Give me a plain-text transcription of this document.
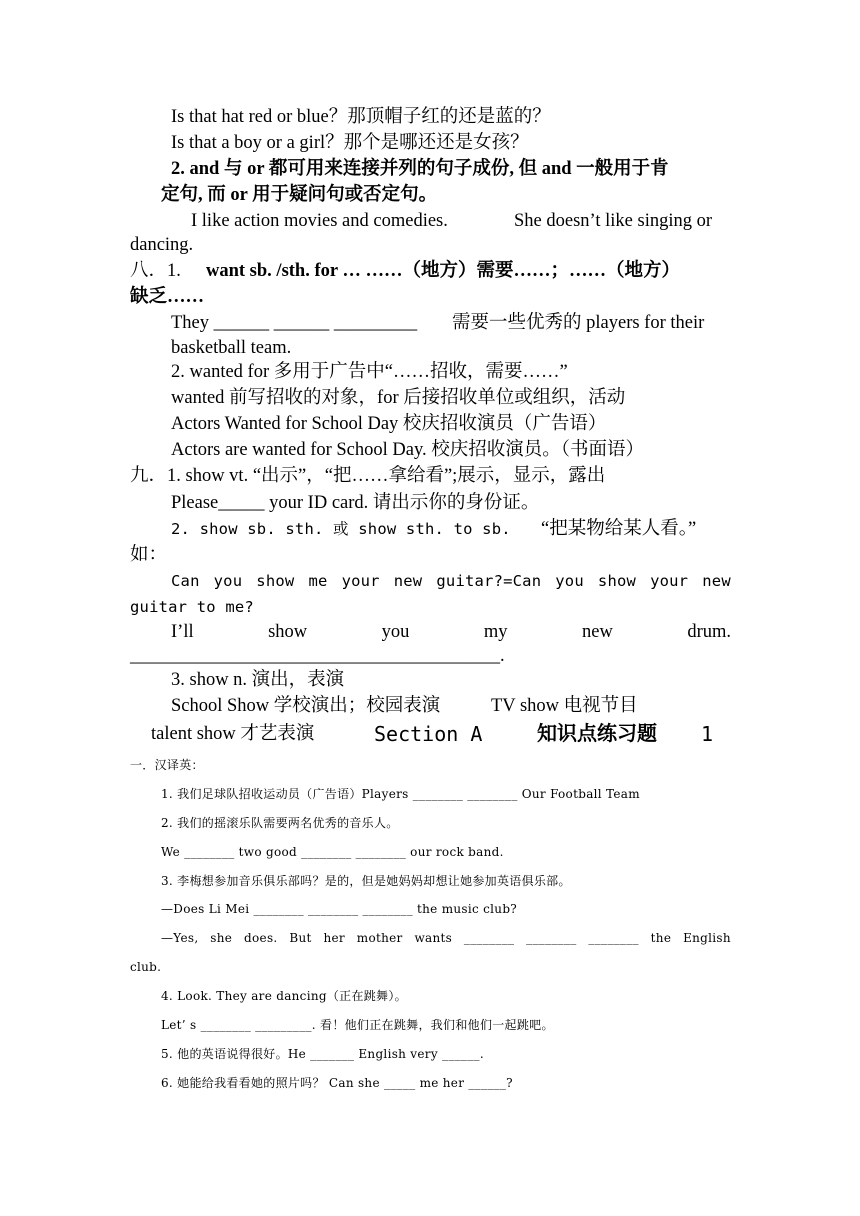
Is that hat red or blue？那顶帽子红的还是蓝的？
Is that a boy or a girl？那个是哪还还是女孩？
2. and 与 or 都可用来连接并列的句子成份, 但 and 一般用于肯
定句, 而 or 用于疑问句或否定句。
I like action movies and comedies.	She doesn’t like singing or
dancing.
八．1. want sb. /sth. for … ……（地方）需要……；……（地方）
缺乏……
They ______ ______ _________ 需要一些优秀的 players for their
basketball team.
2. wanted for 多用于广告中“……招收，需要……”
wanted 前写招收的对象，for 后接招收单位或组织，活动
Actors Wanted for School Day 校庆招收演员（广告语）
Actors are wanted for School Day. 校庆招收演员。（书面语）
九．1. show vt. “出示”，“把……拿给看”;展示，显示，露出
Please_____ your ID card. 请出示你的身份证。
2. show sb. sth. 或 show sth. to sb. “把某物给某人看。”
如：
Can you show me your new guitar?=Can you show your new
guitar to me?
I’ll	show	you	my	new	drum.
________________________________________.
3. show n. 演出，表演
School Show 学校演出；校园表演	TV show 电视节目
talent show 才艺表演	Section A	知识点练习题 1
一．汉译英：
1. 我们足球队招收运动员（广告语）Players ________ ________ Our Football Team
2. 我们的摇滚乐队需要两名优秀的音乐人。
We ________ two good ________ ________ our rock band.
3. 李梅想参加音乐俱乐部吗？是的，但是她妈妈却想让她参加英语俱乐部。
—Does Li Mei ________ ________ ________ the music club?
—Yes, she does. But her mother wants ________ ________ ________ the English
club.
4. Look. They are dancing（正在跳舞）。
Let’ s ________ _________. 看！他们正在跳舞，我们和他们一起跳吧。
5. 他的英语说得很好。He _______ English very ______.
6. 她能给我看看她的照片吗？ Can she _____ me her ______?
